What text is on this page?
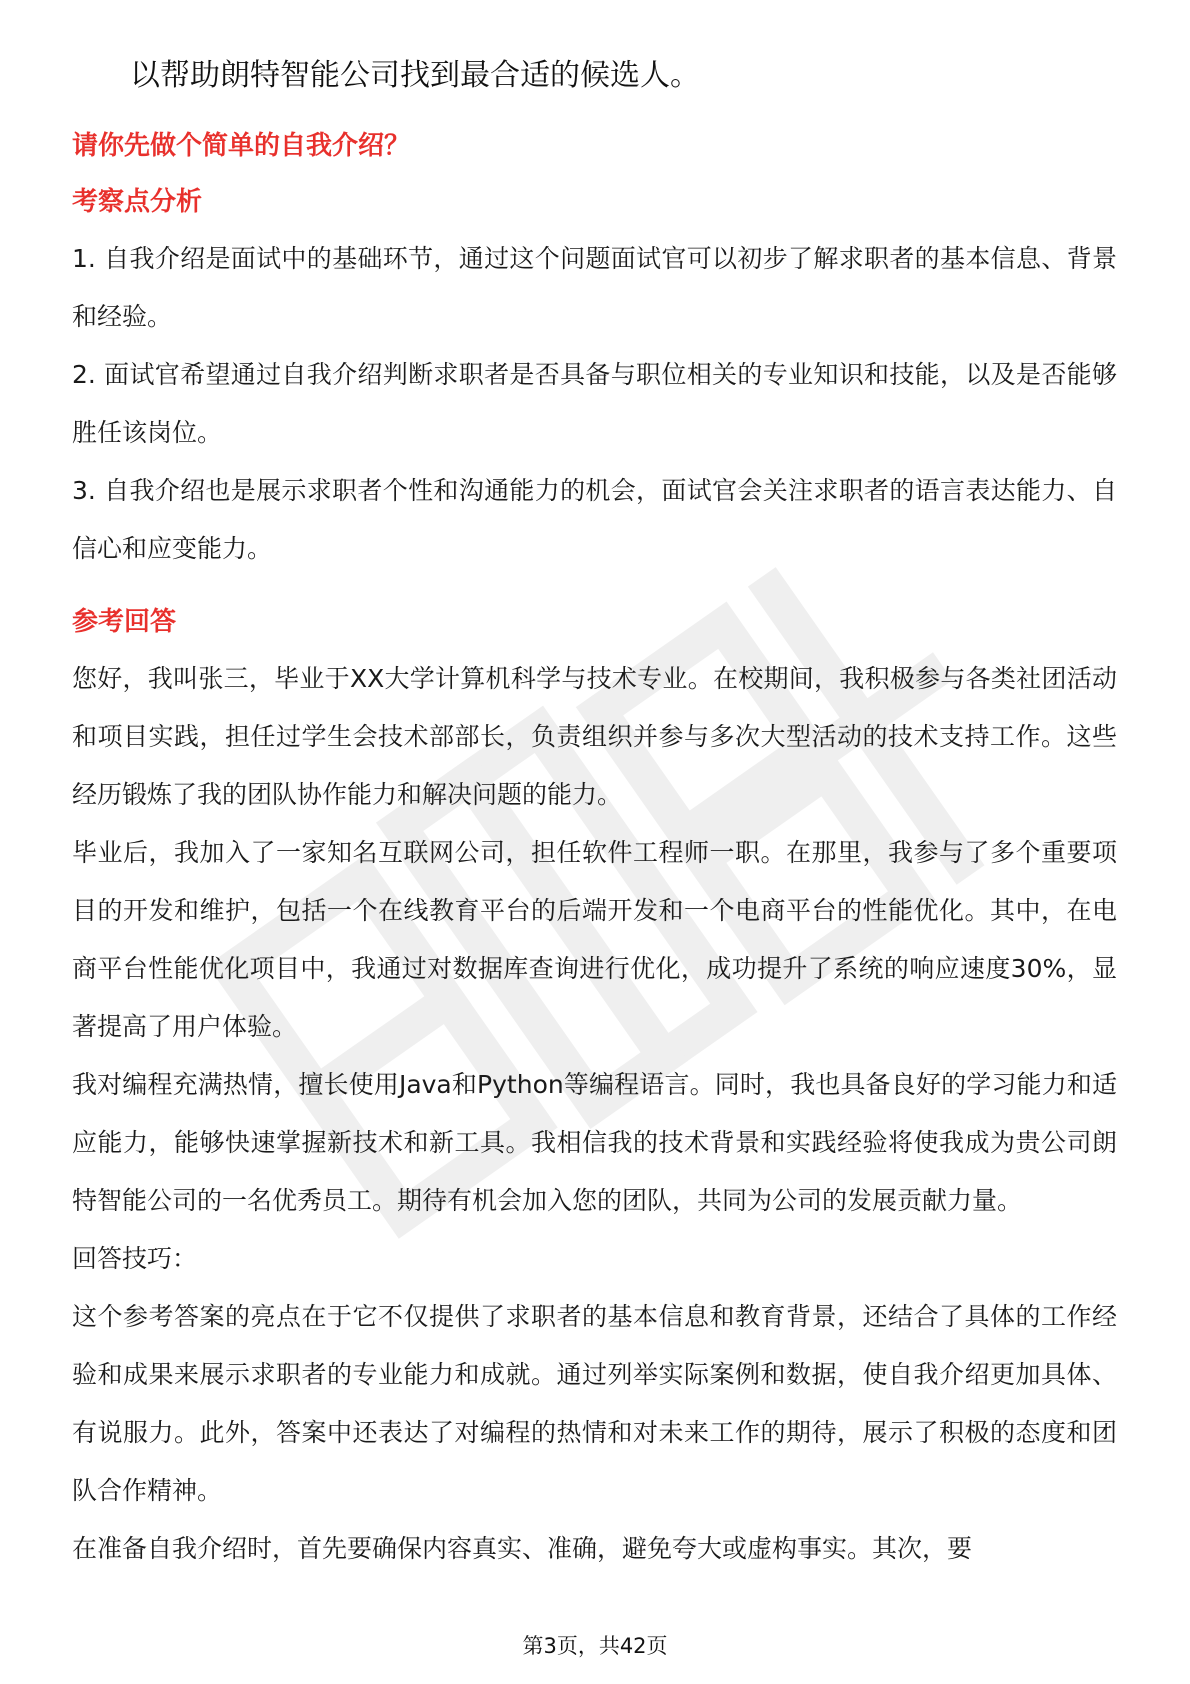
以帮助朗特智能公司找到最合适的候选人。

请你先做个简单的自我介绍？

考察点分析

1. 自我介绍是面试中的基础环节，通过这个问题面试官可以初步了解求职者的基本信息、背景和经验。

2. 面试官希望通过自我介绍判断求职者是否具备与职位相关的专业知识和技能，以及是否能够胜任该岗位。

3. 自我介绍也是展示求职者个性和沟通能力的机会，面试官会关注求职者的语言表达能力、自信心和应变能力。

参考回答

您好，我叫张三，毕业于XX大学计算机科学与技术专业。在校期间，我积极参与各类社团活动和项目实践，担任过学生会技术部部长，负责组织并参与多次大型活动的技术支持工作。这些经历锻炼了我的团队协作能力和解决问题的能力。

毕业后，我加入了一家知名互联网公司，担任软件工程师一职。在那里，我参与了多个重要项目的开发和维护，包括一个在线教育平台的后端开发和一个电商平台的性能优化。其中，在电商平台性能优化项目中，我通过对数据库查询进行优化，成功提升了系统的响应速度30%，显著提高了用户体验。

我对编程充满热情，擅长使用Java和Python等编程语言。同时，我也具备良好的学习能力和适应能力，能够快速掌握新技术和新工具。我相信我的技术背景和实践经验将使我成为贵公司朗特智能公司的一名优秀员工。期待有机会加入您的团队，共同为公司的发展贡献力量。

回答技巧：

这个参考答案的亮点在于它不仅提供了求职者的基本信息和教育背景，还结合了具体的工作经验和成果来展示求职者的专业能力和成就。通过列举实际案例和数据，使自我介绍更加具体、有说服力。此外，答案中还表达了对编程的热情和对未来工作的期待，展示了积极的态度和团队合作精神。

在准备自我介绍时，首先要确保内容真实、准确，避免夸大或虚构事实。其次，要

第3页，共42页
